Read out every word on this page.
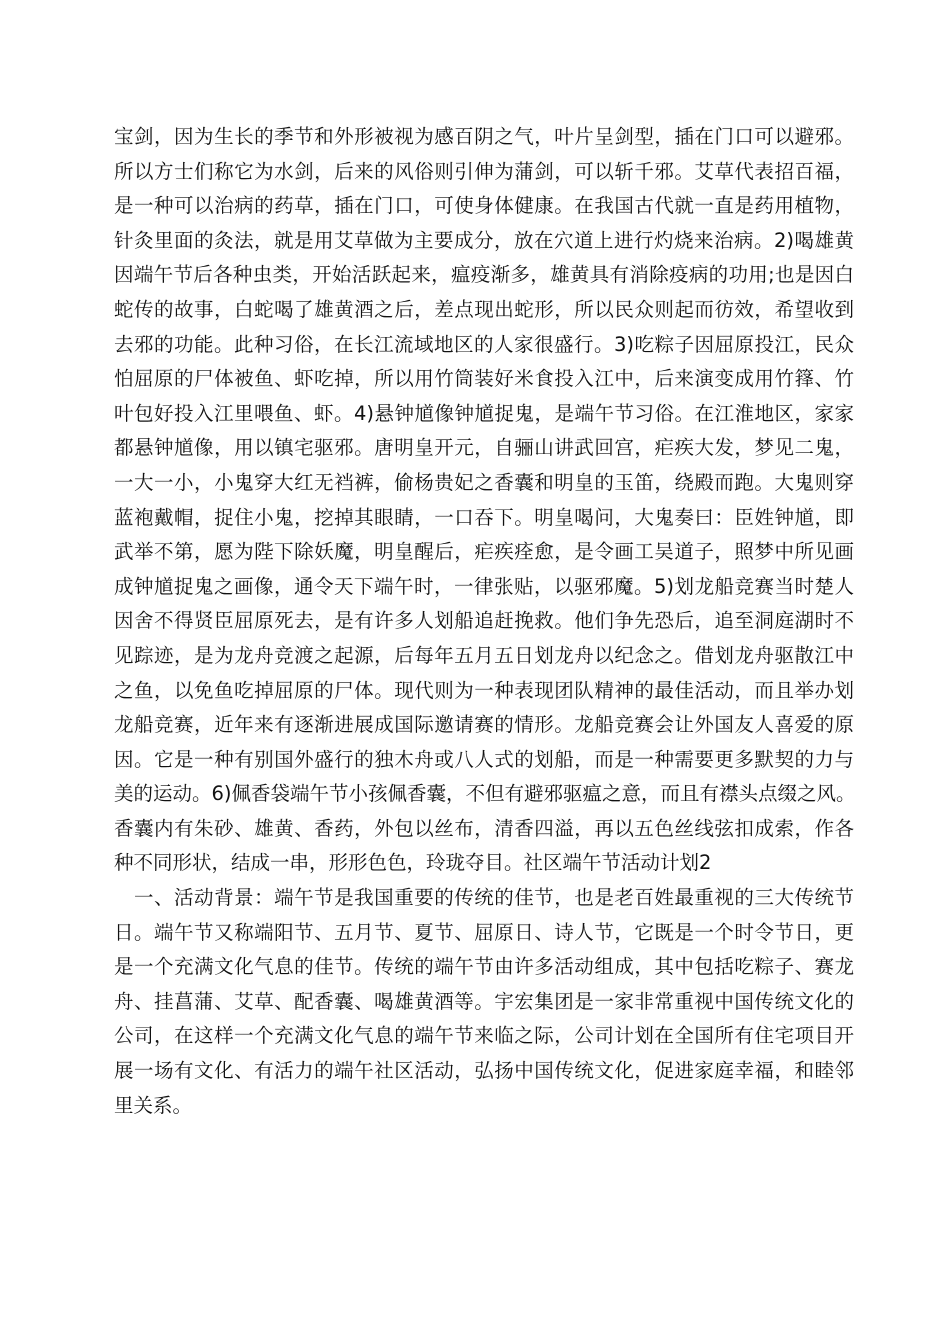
宝剑，因为生长的季节和外形被视为感百阴之气，叶片呈剑型，插在门口可以避邪。
所以方士们称它为水剑，后来的风俗则引伸为蒲剑，可以斩千邪。艾草代表招百福，
是一种可以治病的药草，插在门口，可使身体健康。在我国古代就一直是药用植物，
针灸里面的灸法，就是用艾草做为主要成分，放在穴道上进行灼烧来治病。2)喝雄黄
因端午节后各种虫类，开始活跃起来，瘟疫渐多，雄黄具有消除疫病的功用;也是因白
蛇传的故事，白蛇喝了雄黄酒之后，差点现出蛇形，所以民众则起而彷效，希望收到
去邪的功能。此种习俗，在长江流域地区的人家很盛行。3)吃粽子因屈原投江，民众
怕屈原的尸体被鱼、虾吃掉，所以用竹筒装好米食投入江中，后来演变成用竹箨、竹
叶包好投入江里喂鱼、虾。4)悬钟馗像钟馗捉鬼，是端午节习俗。在江淮地区，家家
都悬钟馗像，用以镇宅驱邪。唐明皇开元，自骊山讲武回宫，疟疾大发，梦见二鬼，
一大一小，小鬼穿大红无裆裤，偷杨贵妃之香囊和明皇的玉笛，绕殿而跑。大鬼则穿
蓝袍戴帽，捉住小鬼，挖掉其眼睛，一口吞下。明皇喝问，大鬼奏曰：臣姓钟馗，即
武举不第，愿为陛下除妖魔，明皇醒后，疟疾痊愈，是令画工吴道子，照梦中所见画
成钟馗捉鬼之画像，通令天下端午时，一律张贴，以驱邪魔。5)划龙船竞赛当时楚人
因舍不得贤臣屈原死去，是有许多人划船追赶挽救。他们争先恐后，追至洞庭湖时不
见踪迹，是为龙舟竞渡之起源，后每年五月五日划龙舟以纪念之。借划龙舟驱散江中
之鱼，以免鱼吃掉屈原的尸体。现代则为一种表现团队精神的最佳活动，而且举办划
龙船竞赛，近年来有逐渐进展成国际邀请赛的情形。龙船竞赛会让外国友人喜爱的原
因。它是一种有别国外盛行的独木舟或八人式的划船，而是一种需要更多默契的力与
美的运动。6)佩香袋端午节小孩佩香囊，不但有避邪驱瘟之意，而且有襟头点缀之风。
香囊内有朱砂、雄黄、香药，外包以丝布，清香四溢，再以五色丝线弦扣成索，作各
种不同形状，结成一串，形形色色，玲珑夺目。社区端午节活动计划2
　一、活动背景：端午节是我国重要的传统的佳节，也是老百姓最重视的三大传统节
日。端午节又称端阳节、五月节、夏节、屈原日、诗人节，它既是一个时令节日，更
是一个充满文化气息的佳节。传统的端午节由许多活动组成，其中包括吃粽子、赛龙
舟、挂菖蒲、艾草、配香囊、喝雄黄酒等。宇宏集团是一家非常重视中国传统文化的
公司，在这样一个充满文化气息的端午节来临之际，公司计划在全国所有住宅项目开
展一场有文化、有活力的端午社区活动，弘扬中国传统文化，促进家庭幸福，和睦邻
里关系。
